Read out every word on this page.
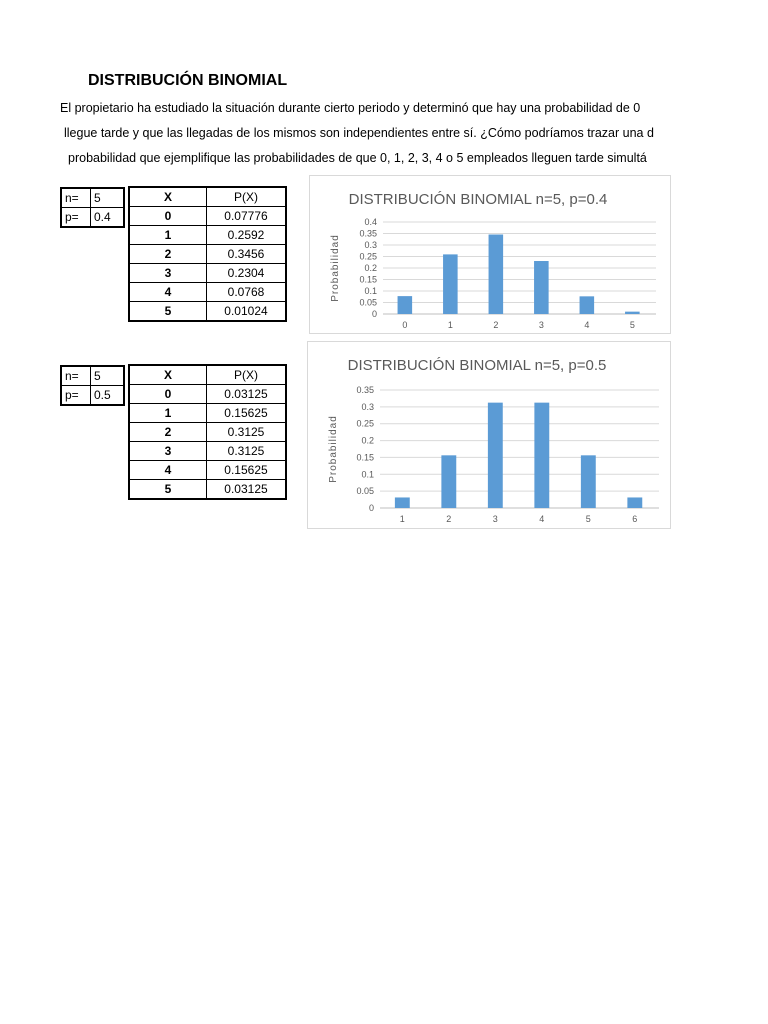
DISTRIBUCIÓN BINOMIAL
El propietario ha estudiado la situación durante cierto periodo y determinó que hay una probabilidad de 0
llegue tarde y que las llegadas de los mismos son independientes entre sí. ¿Cómo podríamos trazar una d
probabilidad que ejemplifique las probabilidades de que 0, 1, 2, 3, 4 o 5 empleados lleguen tarde simultá
n=	5
p=	0.4
X	P(X)
0	0.07776
1	0.2592
2	0.3456
3	0.2304
4	0.0768
5	0.01024
DISTRIBUCIÓN BINOMIAL n=5, p=0.4
Probabilidad
0
0.05
0.1
0.15
0.2
0.25
0.3
0.35
0.4
0	1	2	3	4	5
n=	5
p=	0.5
X	P(X)
0	0.03125
1	0.15625
2	0.3125
3	0.3125
4	0.15625
5	0.03125
DISTRIBUCIÓN BINOMIAL n=5, p=0.5
Probabilidad
0
0.05
0.1
0.15
0.2
0.25
0.3
0.35
1	2	3	4	5	6
